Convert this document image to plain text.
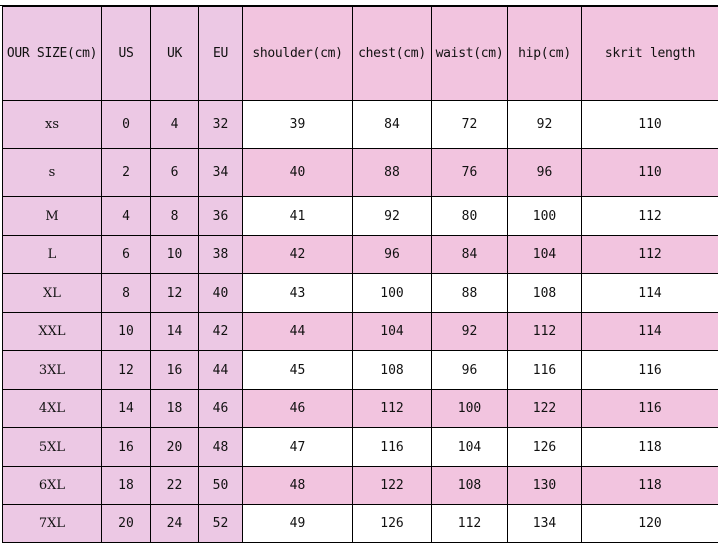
OUR SIZE(cm)	US	UK	EU	shoulder(cm)	chest(cm)	waist(cm)	hip(cm)	skrit length
xs	0	4	32	39	84	72	92	110
s	2	6	34	40	88	76	96	110
M	4	8	36	41	92	80	100	112
L	6	10	38	42	96	84	104	112
XL	8	12	40	43	100	88	108	114
XXL	10	14	42	44	104	92	112	114
3XL	12	16	44	45	108	96	116	116
4XL	14	18	46	46	112	100	122	116
5XL	16	20	48	47	116	104	126	118
6XL	18	22	50	48	122	108	130	118
7XL	20	24	52	49	126	112	134	120
